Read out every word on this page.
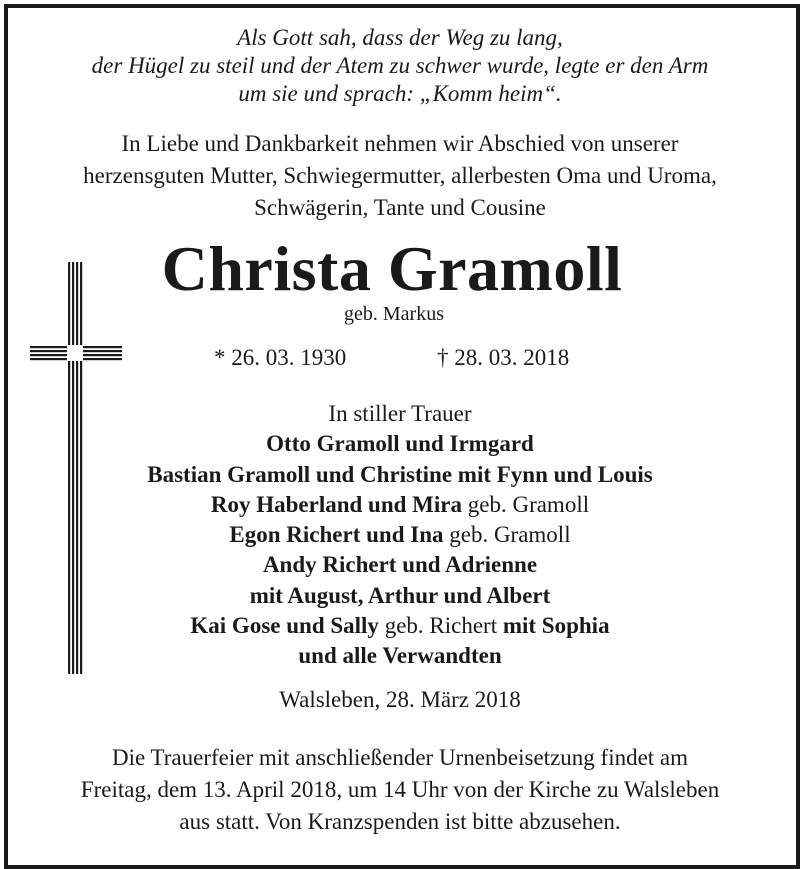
Als Gott sah, dass der Weg zu lang,
der Hügel zu steil und der Atem zu schwer wurde, legte er den Arm
um sie und sprach: „Komm heim“.
In Liebe und Dankbarkeit nehmen wir Abschied von unserer
herzensguten Mutter, Schwiegermutter, allerbesten Oma und Uroma,
Schwägerin, Tante und Cousine
Christa Gramoll
geb. Markus
* 26. 03. 1930	† 28. 03. 2018
In stiller Trauer
Otto Gramoll und Irmgard
Bastian Gramoll und Christine mit Fynn und Louis
Roy Haberland und Mira geb. Gramoll
Egon Richert und Ina geb. Gramoll
Andy Richert und Adrienne
mit August, Arthur und Albert
Kai Gose und Sally geb. Richert mit Sophia
und alle Verwandten
Walsleben, 28. März 2018
Die Trauerfeier mit anschließender Urnenbeisetzung findet am
Freitag, dem 13. April 2018, um 14 Uhr von der Kirche zu Walsleben
aus statt. Von Kranzspenden ist bitte abzusehen.
